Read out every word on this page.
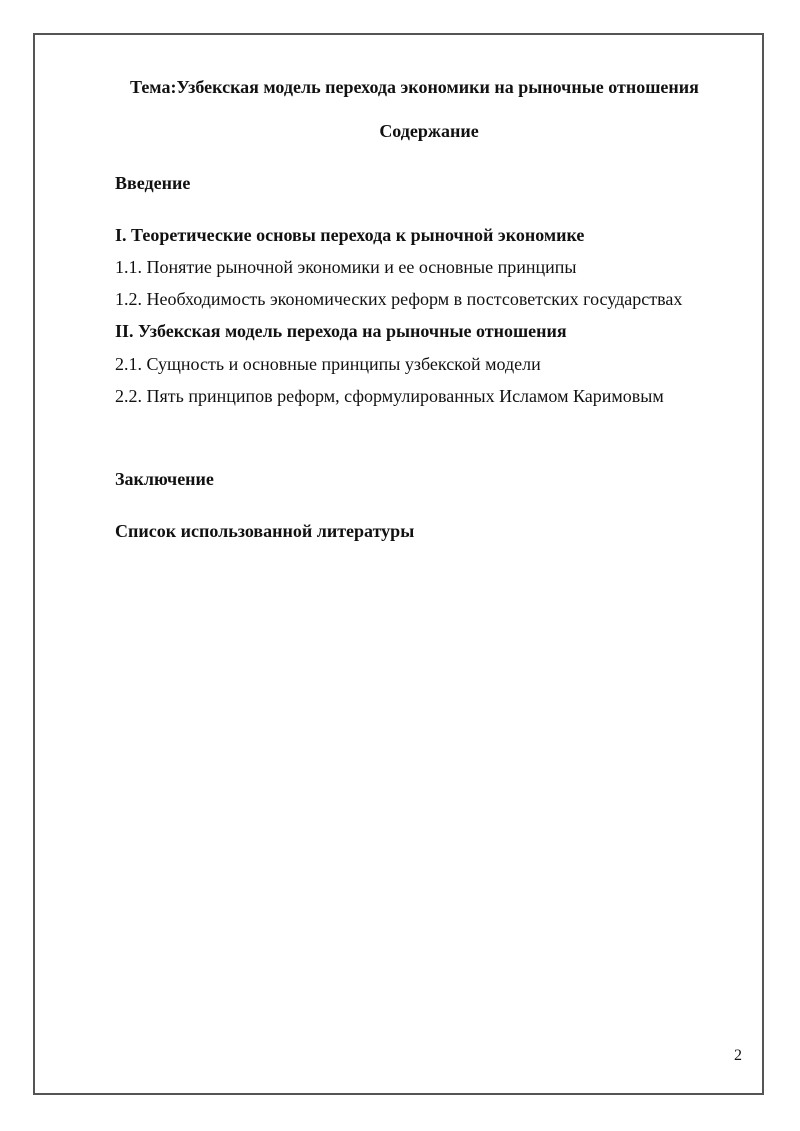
Тема:Узбекская модель перехода экономики на рыночные отношения
Содержание
Введение
I. Теоретические основы перехода к рыночной экономике
1.1. Понятие рыночной экономики и ее основные принципы
1.2. Необходимость экономических реформ в постсоветских государствах
II. Узбекская модель перехода на рыночные отношения
2.1. Сущность и основные принципы узбекской модели
2.2. Пять принципов реформ, сформулированных Исламом Каримовым
Заключение
Список использованной литературы
2
